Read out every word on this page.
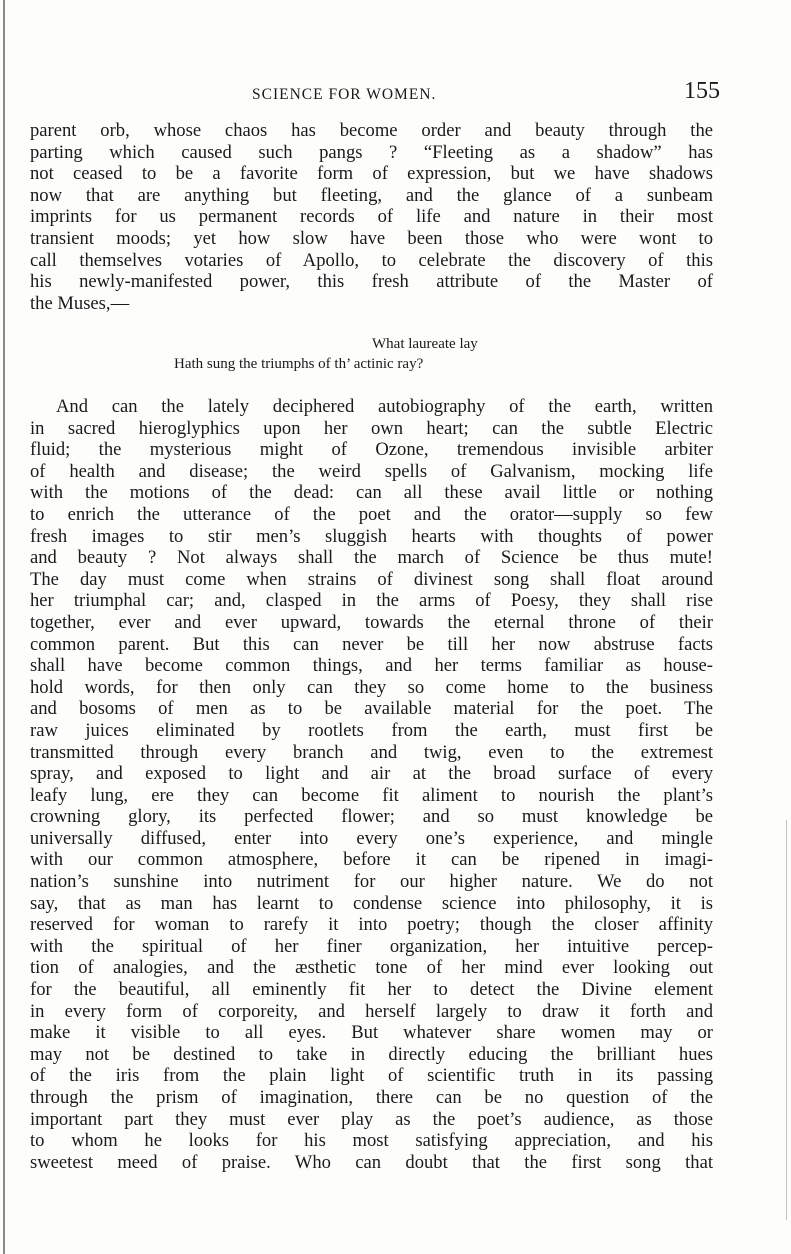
SCIENCE FOR WOMEN.	155
parent orb, whose chaos has become order and beauty through the
parting which caused such pangs ? “Fleeting as a shadow” has
not ceased to be a favorite form of expression, but we have shadows
now that are anything but fleeting, and the glance of a sunbeam
imprints for us permanent records of life and nature in their most
transient moods; yet how slow have been those who were wont to
call themselves votaries of Apollo, to celebrate the discovery of this
his newly-manifested power, this fresh attribute of the Master of
the Muses,—
What laureate lay
Hath sung the triumphs of th’ actinic ray?
And can the lately deciphered autobiography of the earth, written
in sacred hieroglyphics upon her own heart; can the subtle Electric
fluid; the mysterious might of Ozone, tremendous invisible arbiter
of health and disease; the weird spells of Galvanism, mocking life
with the motions of the dead: can all these avail little or nothing
to enrich the utterance of the poet and the orator—supply so few
fresh images to stir men’s sluggish hearts with thoughts of power
and beauty ? Not always shall the march of Science be thus mute!
The day must come when strains of divinest song shall float around
her triumphal car; and, clasped in the arms of Poesy, they shall rise
together, ever and ever upward, towards the eternal throne of their
common parent. But this can never be till her now abstruse facts
shall have become common things, and her terms familiar as house-
hold words, for then only can they so come home to the business
and bosoms of men as to be available material for the poet. The
raw juices eliminated by rootlets from the earth, must first be
transmitted through every branch and twig, even to the extremest
spray, and exposed to light and air at the broad surface of every
leafy lung, ere they can become fit aliment to nourish the plant’s
crowning glory, its perfected flower; and so must knowledge be
universally diffused, enter into every one’s experience, and mingle
with our common atmosphere, before it can be ripened in imagi-
nation’s sunshine into nutriment for our higher nature. We do not
say, that as man has learnt to condense science into philosophy, it is
reserved for woman to rarefy it into poetry; though the closer affinity
with the spiritual of her finer organization, her intuitive percep-
tion of analogies, and the æsthetic tone of her mind ever looking out
for the beautiful, all eminently fit her to detect the Divine element
in every form of corporeity, and herself largely to draw it forth and
make it visible to all eyes. But whatever share women may or
may not be destined to take in directly educing the brilliant hues
of the iris from the plain light of scientific truth in its passing
through the prism of imagination, there can be no question of the
important part they must ever play as the poet’s audience, as those
to whom he looks for his most satisfying appreciation, and his
sweetest meed of praise. Who can doubt that the first song that
